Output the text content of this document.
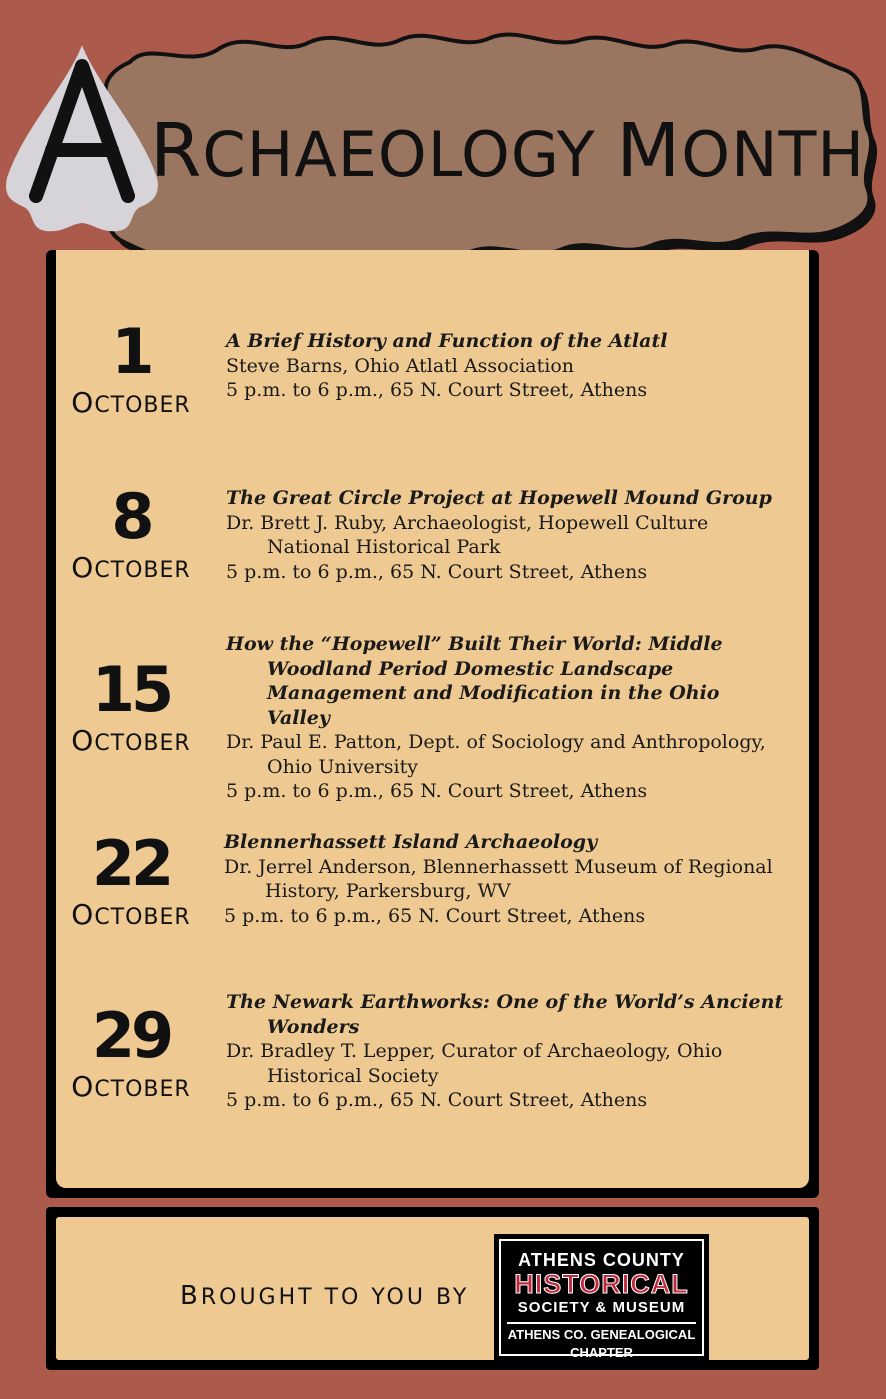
RCHAEOLOGY MONTH
1
OCTOBER
A Brief History and Function of the Atlatl
Steve Barns, Ohio Atlatl Association
5 p.m. to 6 p.m., 65 N. Court Street, Athens
8
OCTOBER
The Great Circle Project at Hopewell Mound Group
Dr. Brett J. Ruby, Archaeologist, Hopewell Culture National Historical Park
5 p.m. to 6 p.m., 65 N. Court Street, Athens
15
OCTOBER
How the “Hopewell” Built Their World: Middle Woodland Period Domestic Landscape Management and Modification in the Ohio Valley
Dr. Paul E. Patton, Dept. of Sociology and Anthropology, Ohio University
5 p.m. to 6 p.m., 65 N. Court Street, Athens
22
OCTOBER
Blennerhassett Island Archaeology
Dr. Jerrel Anderson, Blennerhassett Museum of Regional History, Parkersburg, WV
5 p.m. to 6 p.m., 65 N. Court Street, Athens
29
OCTOBER
The Newark Earthworks: One of the World’s Ancient Wonders
Dr. Bradley T. Lepper, Curator of Archaeology, Ohio Historical Society
5 p.m. to 6 p.m., 65 N. Court Street, Athens
BROUGHT TO YOU BY
ATHENS COUNTY
HISTORICAL
SOCIETY & MUSEUM
ATHENS CO. GENEALOGICAL CHAPTER
